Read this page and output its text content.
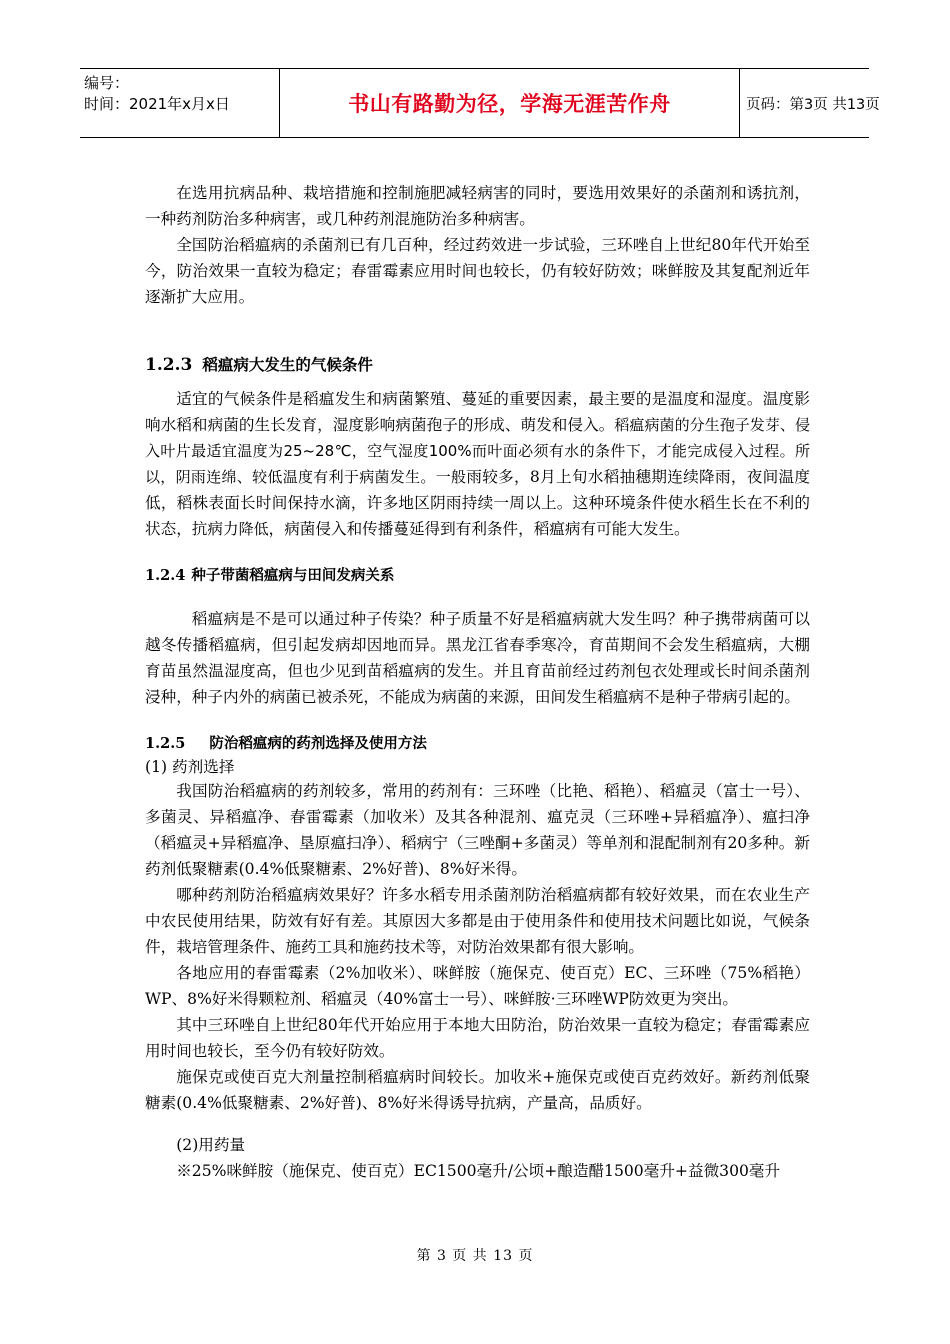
编号：
时间：2021年x月x日	书山有路勤为径，学海无涯苦作舟	页码：第3页 共13页

在选用抗病品种、栽培措施和控制施肥减轻病害的同时，要选用效果好的杀菌剂和诱抗剂，一种药剂防治多种病害，或几种药剂混施防治多种病害。

全国防治稻瘟病的杀菌剂已有几百种，经过药效进一步试验，三环唑自上世纪80年代开始至今，防治效果一直较为稳定；春雷霉素应用时间也较长，仍有较好防效；咪鲜胺及其复配剂近年逐渐扩大应用。

1.2.3 稻瘟病大发生的气候条件

适宜的气候条件是稻瘟发生和病菌繁殖、蔓延的重要因素，最主要的是温度和湿度。温度影响水稻和病菌的生长发育，湿度影响病菌孢子的形成、萌发和侵入。稻瘟病菌的分生孢子发芽、侵入叶片最适宜温度为25~28℃，空气湿度100%而叶面必须有水的条件下，才能完成侵入过程。所以，阴雨连绵、较低温度有利于病菌发生。一般雨较多，8月上旬水稻抽穗期连续降雨，夜间温度低，稻株表面长时间保持水滴，许多地区阴雨持续一周以上。这种环境条件使水稻生长在不利的状态，抗病力降低，病菌侵入和传播蔓延得到有利条件，稻瘟病有可能大发生。

1.2.4 种子带菌稻瘟病与田间发病关系

稻瘟病是不是可以通过种子传染？种子质量不好是稻瘟病就大发生吗？种子携带病菌可以越冬传播稻瘟病，但引起发病却因地而异。黑龙江省春季寒冷，育苗期间不会发生稻瘟病，大棚育苗虽然温湿度高，但也少见到苗稻瘟病的发生。并且育苗前经过药剂包衣处理或长时间杀菌剂浸种，种子内外的病菌已被杀死，不能成为病菌的来源，田间发生稻瘟病不是种子带病引起的。

1.2.5 防治稻瘟病的药剂选择及使用方法

(1) 药剂选择

我国防治稻瘟病的药剂较多，常用的药剂有：三环唑（比艳、稻艳）、稻瘟灵（富士一号）、多菌灵、异稻瘟净、春雷霉素（加收米）及其各种混剂、瘟克灵（三环唑+异稻瘟净）、瘟扫净（稻瘟灵+异稻瘟净、垦原瘟扫净）、稻病宁（三唑酮+多菌灵）等单剂和混配制剂有20多种。新药剂低聚糖素(0.4%低聚糖素、2%好普)、8%好米得。

哪种药剂防治稻瘟病效果好？许多水稻专用杀菌剂防治稻瘟病都有较好效果，而在农业生产中农民使用结果，防效有好有差。其原因大多都是由于使用条件和使用技术问题比如说，气候条件，栽培管理条件、施药工具和施药技术等，对防治效果都有很大影响。

各地应用的春雷霉素（2%加收米）、咪鲜胺（施保克、使百克）EC、三环唑（75%稻艳）WP、8%好米得颗粒剂、稻瘟灵（40%富士一号）、咪鲜胺·三环唑WP防效更为突出。

其中三环唑自上世纪80年代开始应用于本地大田防治，防治效果一直较为稳定；春雷霉素应用时间也较长，至今仍有较好防效。

施保克或使百克大剂量控制稻瘟病时间较长。加收米+施保克或使百克药效好。新药剂低聚糖素(0.4%低聚糖素、2%好普)、8%好米得诱导抗病，产量高，品质好。

(2)用药量

※25%咪鲜胺（施保克、使百克）EC1500毫升/公顷+酿造醋1500毫升+益微300毫升

第 3 页 共 13 页
